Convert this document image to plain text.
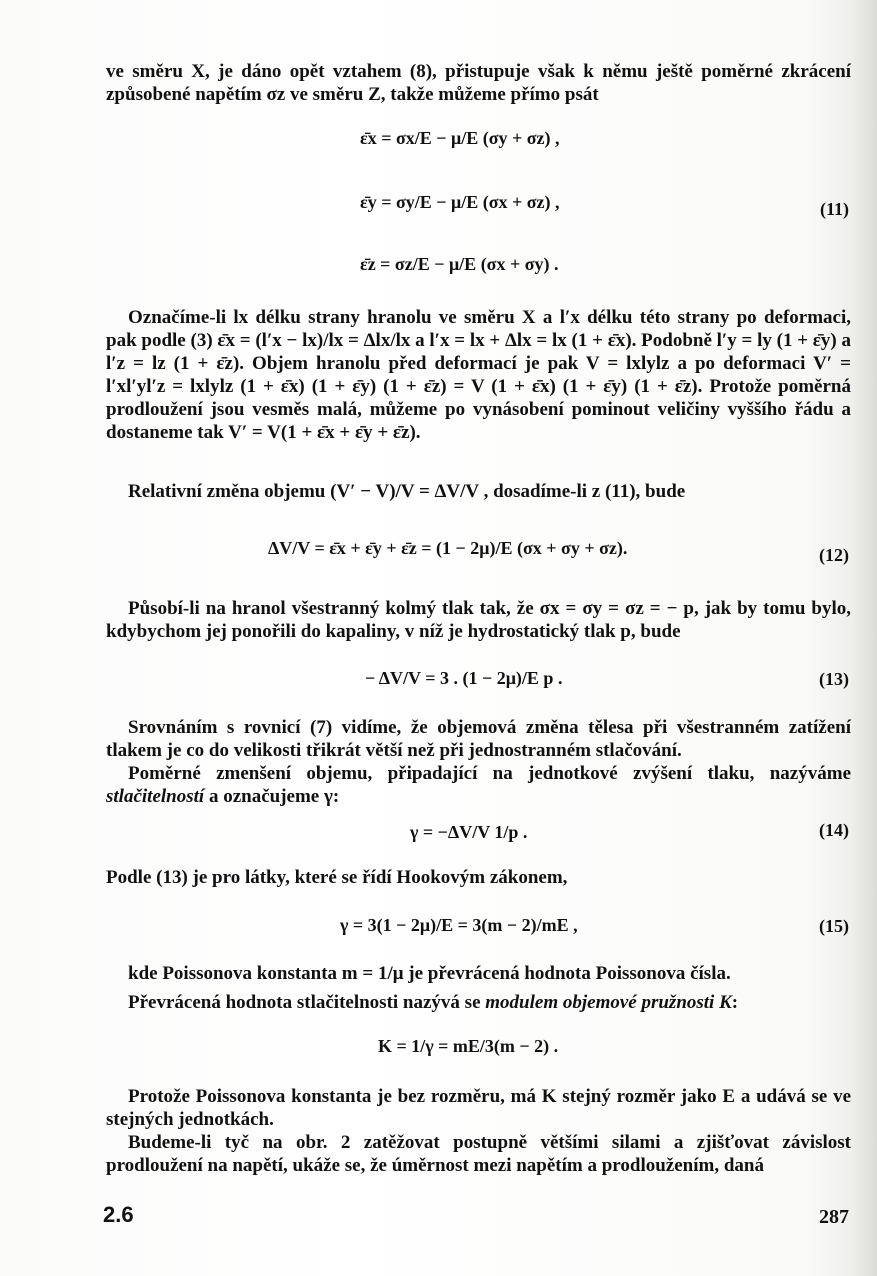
ve směru X, je dáno opět vztahem (8), přistupuje však k němu ještě poměrné zkrácení způsobené napětím σz ve směru Z, takže můžeme přímo psát

ε̄x = σx/E − μ/E (σy + σz) ,
ε̄y = σy/E − μ/E (σx + σz) ,	(11)
ε̄z = σz/E − μ/E (σx + σy) .

Označíme-li lx délku strany hranolu ve směru X a l′x délku této strany po deformaci, pak podle (3) ε̄x = (l′x − lx)/lx = Δlx/lx a l′x = lx + Δlx = lx (1 + ε̄x). Podobně l′y = ly (1 + ε̄y) a l′z = lz (1 + ε̄z). Objem hranolu před deformací je pak V = lxlylz a po deformaci V′ = l′xl′yl′z = lxlylz (1 + ε̄x) (1 + ε̄y) (1 + ε̄z) = V (1 + ε̄x) (1 + ε̄y) (1 + ε̄z). Protože poměrná prodloužení jsou vesměs malá, můžeme po vynásobení pominout veličiny vyššího řádu a dostaneme tak V′ = V(1 + ε̄x + ε̄y + ε̄z).

Relativní změna objemu (V′ − V)/V = ΔV/V , dosadíme-li z (11), bude

ΔV/V = ε̄x + ε̄y + ε̄z = (1 − 2μ)/E (σx + σy + σz).	(12)

Působí-li na hranol všestranný kolmý tlak tak, že σx = σy = σz = − p, jak by tomu bylo, kdybychom jej ponořili do kapaliny, v níž je hydrostatický tlak p, bude

− ΔV/V = 3 . (1 − 2μ)/E p .	(13)

Srovnáním s rovnicí (7) vidíme, že objemová změna tělesa při všestranném zatížení tlakem je co do velikosti třikrát větší než při jednostranném stlačování.

Poměrné zmenšení objemu, připadající na jednotkové zvýšení tlaku, nazýváme stlačitelností a označujeme γ:

γ = −ΔV/V 1/p .	(14)

Podle (13) je pro látky, které se řídí Hookovým zákonem,

γ = 3(1 − 2μ)/E = 3(m − 2)/mE ,	(15)

kde Poissonova konstanta m = 1/μ je převrácená hodnota Poissonova čísla.

Převrácená hodnota stlačitelnosti nazývá se modulem objemové pružnosti K:

K = 1/γ = mE/3(m − 2) .

Protože Poissonova konstanta je bez rozměru, má K stejný rozměr jako E a udává se ve stejných jednotkách.

Budeme-li tyč na obr. 2 zatěžovat postupně většími silami a zjišťovat závislost prodloužení na napětí, ukáže se, že úměrnost mezi napětím a prodloužením, daná

2.6	287
